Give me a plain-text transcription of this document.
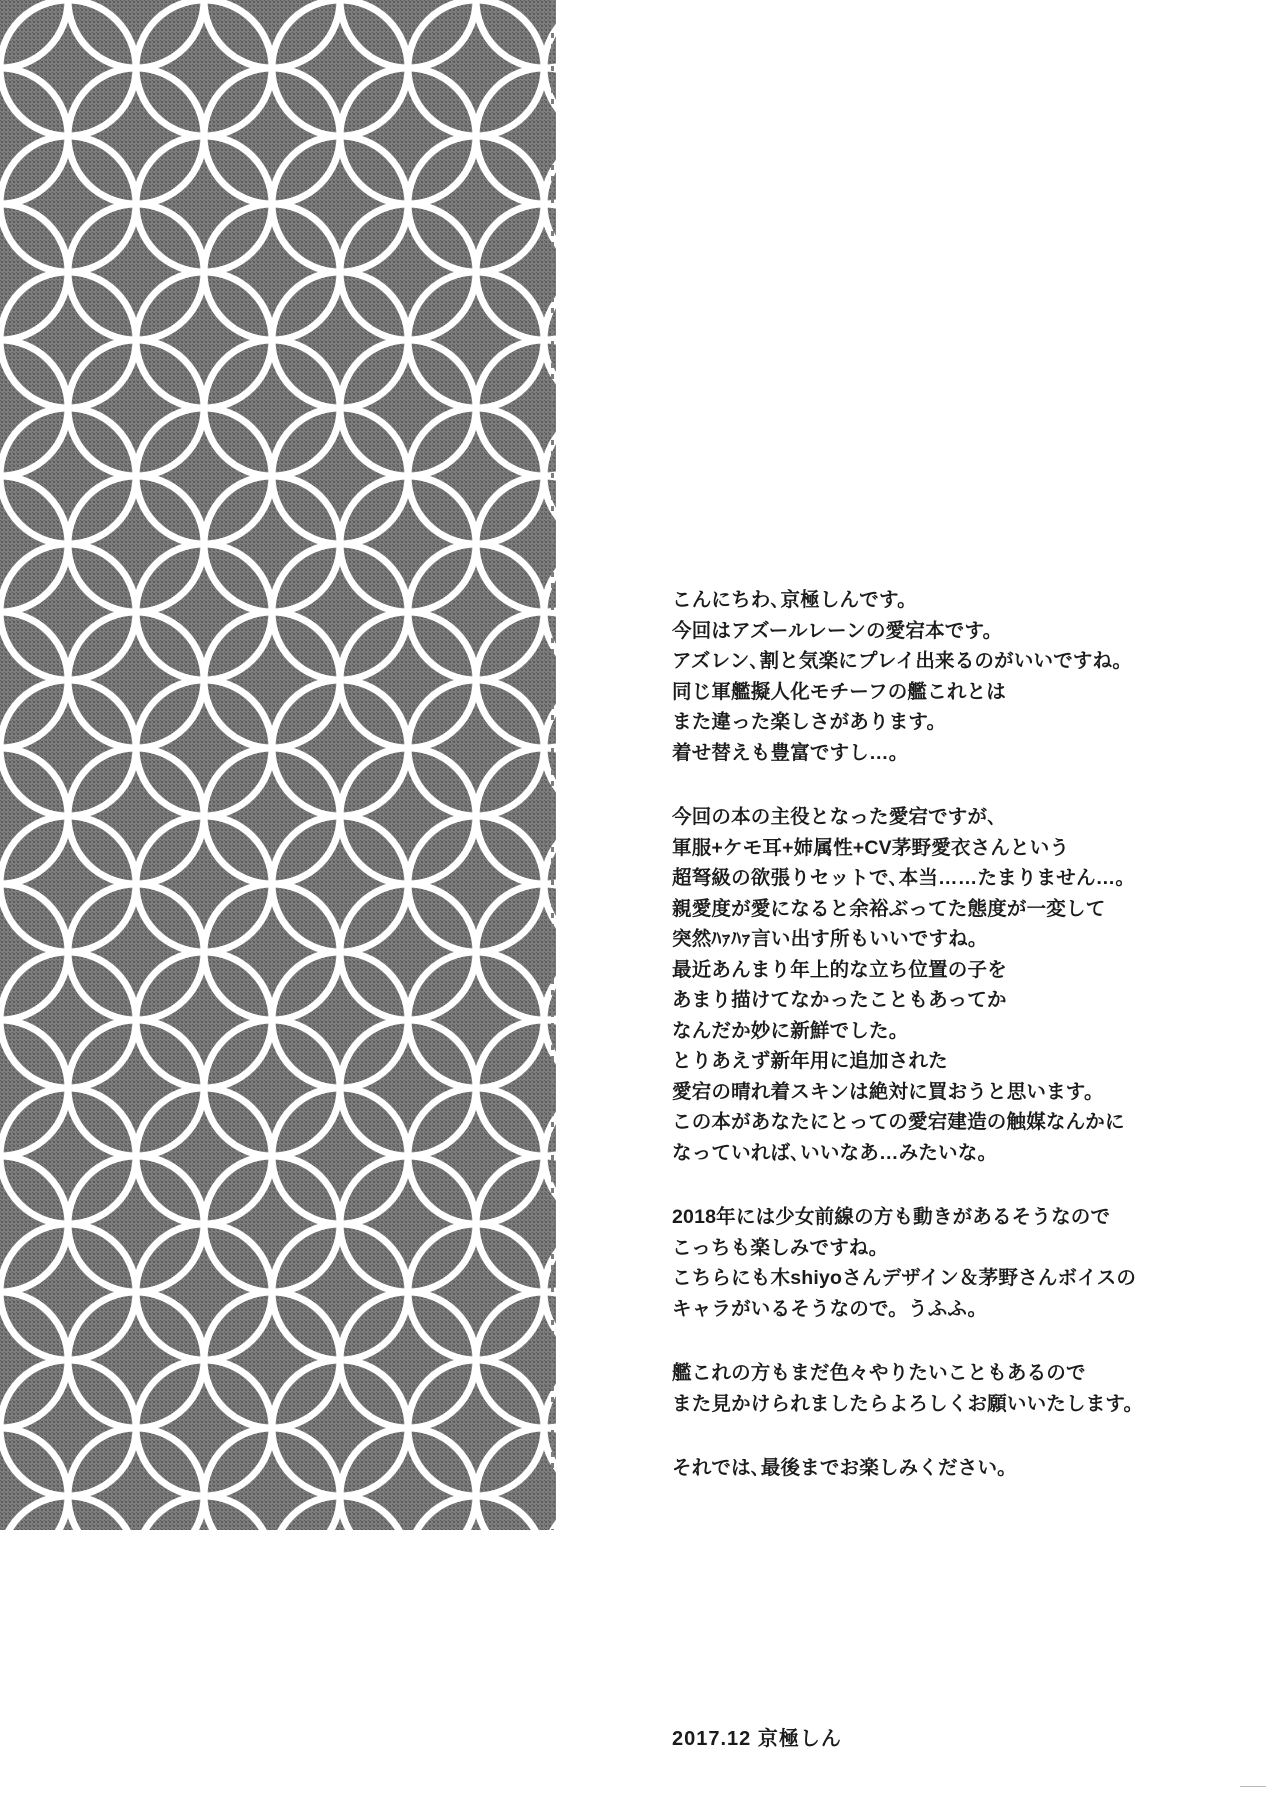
こんにちわ､京極しんです。
今回はアズールレーンの愛宕本です。
アズレン､割と気楽にプレイ出来るのがいいですね。
同じ軍艦擬人化モチーフの艦これとは
また違った楽しさがあります。
着せ替えも豊富ですし…。
今回の本の主役となった愛宕ですが､
軍服+ケモ耳+姉属性+CV茅野愛衣さんという
超弩級の欲張りセットで､本当……たまりません…。
親愛度が愛になると余裕ぶってた態度が一変して
突然ﾊｧﾊｧ言い出す所もいいですね。
最近あんまり年上的な立ち位置の子を
あまり描けてなかったこともあってか
なんだか妙に新鮮でした。
とりあえず新年用に追加された
愛宕の晴れ着スキンは絶対に買おうと思います。
この本があなたにとっての愛宕建造の触媒なんかに
なっていれば､いいなあ…みたいな。
2018年には少女前線の方も動きがあるそうなので
こっちも楽しみですね。
こちらにも木shiyoさんデザイン＆茅野さんボイスの
キャラがいるそうなので。うふふ。
艦これの方もまだ色々やりたいこともあるので
また見かけられましたらよろしくお願いいたします。
それでは､最後までお楽しみください。
2017.12 京極しん
